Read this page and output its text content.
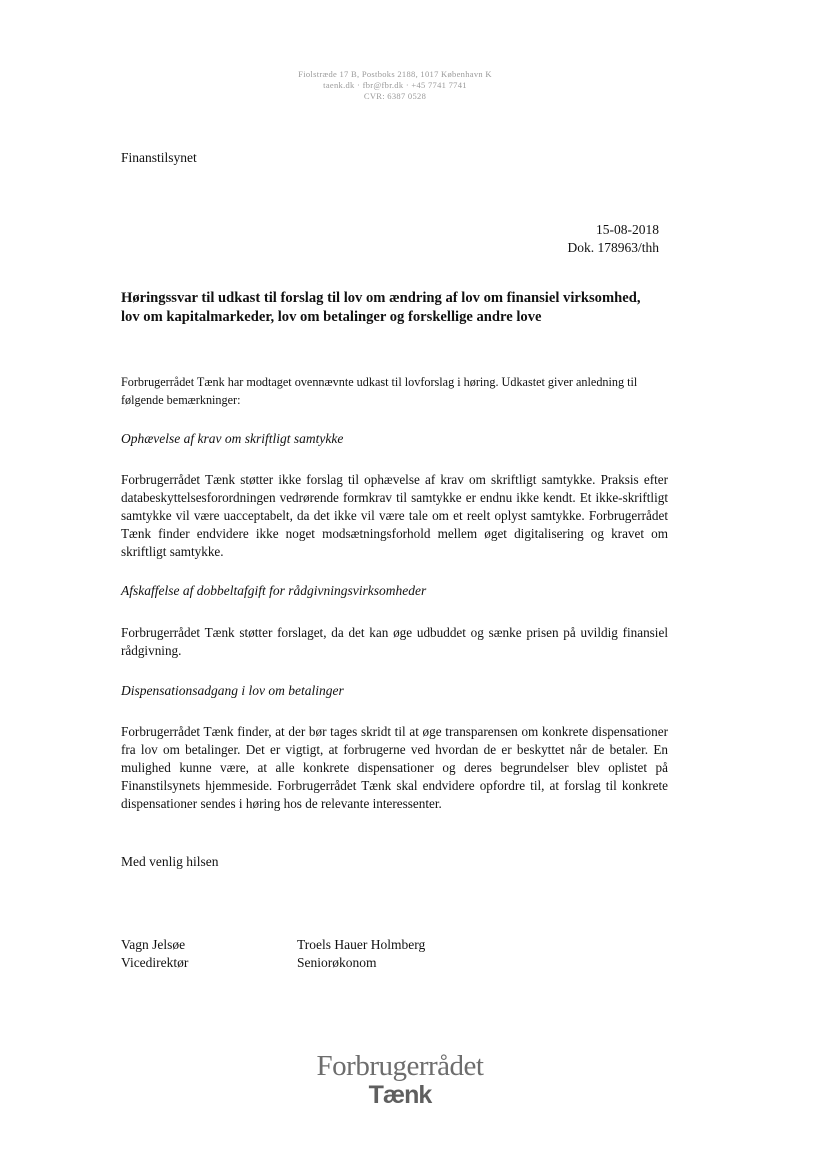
Fiolstræde 17 B, Postboks 2188, 1017 København K
taenk.dk · fbr@fbr.dk · +45 7741 7741
CVR: 6387 0528
Finanstilsynet
15-08-2018
Dok. 178963/thh
Høringssvar til udkast til forslag til lov om ændring af lov om finansiel virksomhed, lov om kapitalmarkeder, lov om betalinger og forskellige andre love
Forbrugerrådet Tænk har modtaget ovennævnte udkast til lovforslag i høring. Udkastet giver anledning til følgende bemærkninger:
Ophævelse af krav om skriftligt samtykke
Forbrugerrådet Tænk støtter ikke forslag til ophævelse af krav om skriftligt samtykke. Praksis efter databeskyttelsesforordningen vedrørende formkrav til samtykke er endnu ikke kendt. Et ikke-skriftligt samtykke vil være uacceptabelt, da det ikke vil være tale om et reelt oplyst samtykke. Forbrugerrådet Tænk finder endvidere ikke noget modsætningsforhold mellem øget digitalisering og kravet om skriftligt samtykke.
Afskaffelse af dobbeltafgift for rådgivningsvirksomheder
Forbrugerrådet Tænk støtter forslaget, da det kan øge udbuddet og sænke prisen på uvildig finansiel rådgivning.
Dispensationsadgang i lov om betalinger
Forbrugerrådet Tænk finder, at der bør tages skridt til at øge transparensen om konkrete dispensationer fra lov om betalinger. Det er vigtigt, at forbrugerne ved hvordan de er beskyttet når de betaler. En mulighed kunne være, at alle konkrete dispensationer og deres begrundelser blev oplistet på Finanstilsynets hjemmeside. Forbrugerrådet Tænk skal endvidere opfordre til, at forslag til konkrete dispensationer sendes i høring hos de relevante interessenter.
Med venlig hilsen
Vagn Jelsøe
Vicedirektør
Troels Hauer Holmberg
Seniorøkonom
Forbrugerrådet
Tænk
